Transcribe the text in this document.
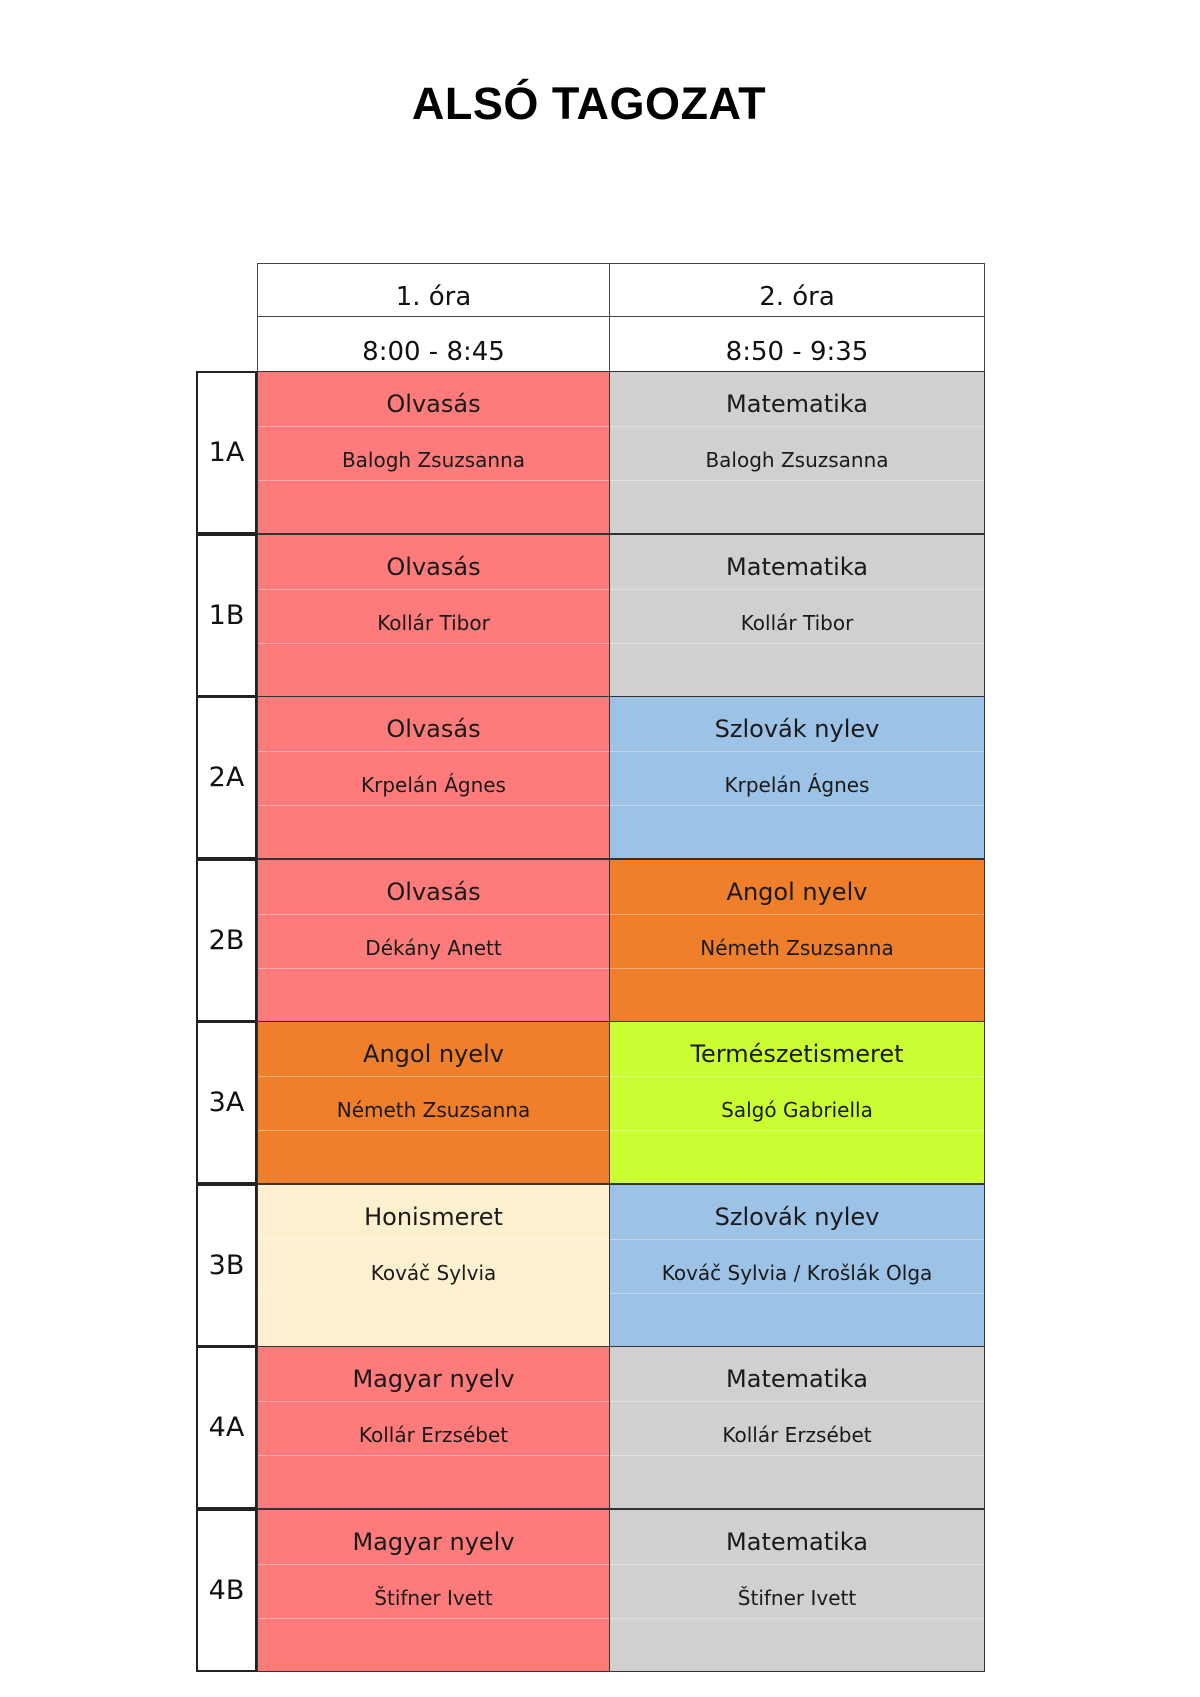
ALSÓ TAGOZAT
1. óra	2. óra
8:00 - 8:45	8:50 - 9:35
1A
Olvasás
Balogh Zsuzsanna
Matematika
Balogh Zsuzsanna
1B
Olvasás
Kollár Tibor
Matematika
Kollár Tibor
2A
Olvasás
Krpelán Ágnes
Szlovák nylev
Krpelán Ágnes
2B
Olvasás
Dékány Anett
Angol nyelv
Németh Zsuzsanna
3A
Angol nyelv
Németh Zsuzsanna
Természetismeret
Salgó Gabriella
3B
Honismeret
Kováč Sylvia
Szlovák nylev
Kováč Sylvia / Krošlák Olga
4A
Magyar nyelv
Kollár Erzsébet
Matematika
Kollár Erzsébet
4B
Magyar nyelv
Štifner Ivett
Matematika
Štifner Ivett
